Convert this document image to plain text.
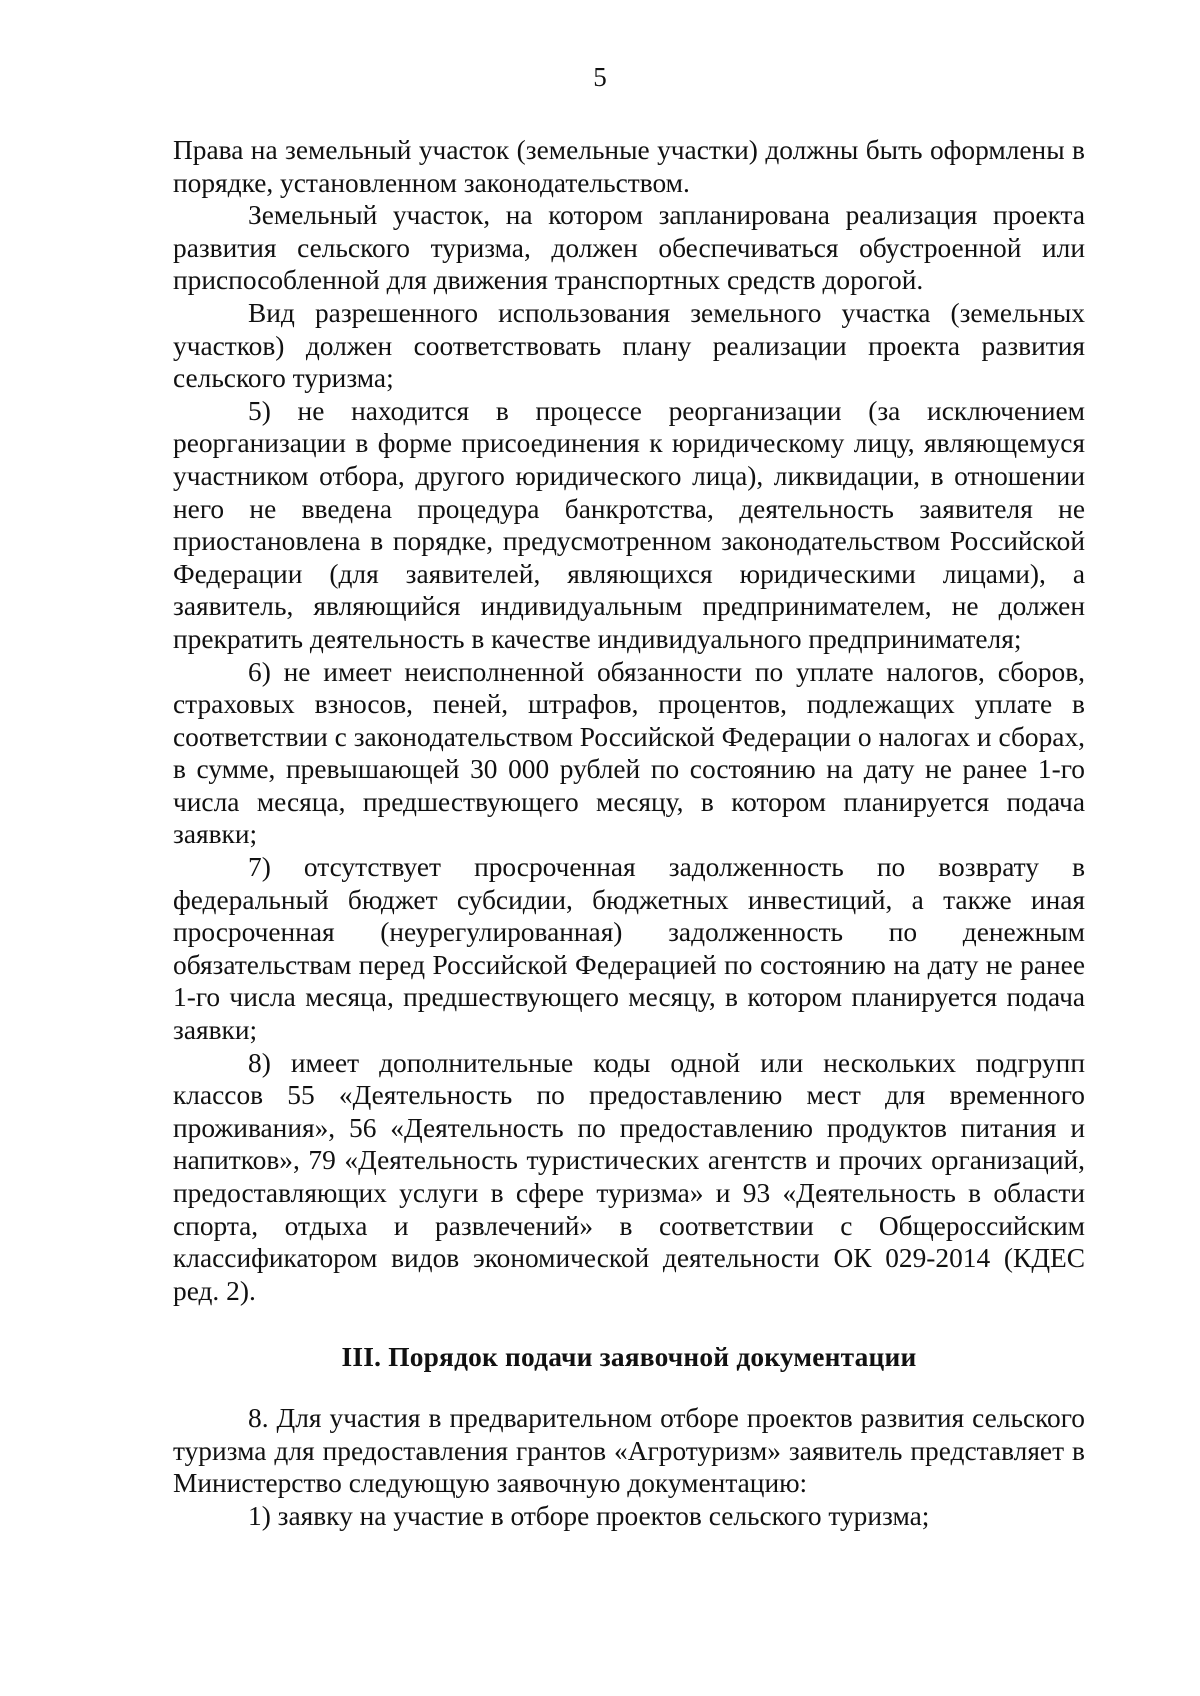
5

Права на земельный участок (земельные участки) должны быть оформлены в порядке, установленном законодательством.

Земельный участок, на котором запланирована реализация проекта развития сельского туризма, должен обеспечиваться обустроенной или приспособленной для движения транспортных средств дорогой.

Вид разрешенного использования земельного участка (земельных участков) должен соответствовать плану реализации проекта развития сельского туризма;

5) не находится в процессе реорганизации (за исключением реорганизации в форме присоединения к юридическому лицу, являющемуся участником отбора, другого юридического лица), ликвидации, в отношении него не введена процедура банкротства, деятельность заявителя не приостановлена в порядке, предусмотренном законодательством Российской Федерации (для заявителей, являющихся юридическими лицами), а заявитель, являющийся индивидуальным предпринимателем, не должен прекратить деятельность в качестве индивидуального предпринимателя;

6) не имеет неисполненной обязанности по уплате налогов, сборов, страховых взносов, пеней, штрафов, процентов, подлежащих уплате в соответствии с законодательством Российской Федерации о налогах и сборах, в сумме, превышающей 30 000 рублей по состоянию на дату не ранее 1-го числа месяца, предшествующего месяцу, в котором планируется подача заявки;

7) отсутствует просроченная задолженность по возврату в федеральный бюджет субсидии, бюджетных инвестиций, а также иная просроченная (неурегулированная) задолженность по денежным обязательствам перед Российской Федерацией по состоянию на дату не ранее 1-го числа месяца, предшествующего месяцу, в котором планируется подача заявки;

8) имеет дополнительные коды одной или нескольких подгрупп классов 55 «Деятельность по предоставлению мест для временного проживания», 56 «Деятельность по предоставлению продуктов питания и напитков», 79 «Деятельность туристических агентств и прочих организаций, предоставляющих услуги в сфере туризма» и 93 «Деятельность в области спорта, отдыха и развлечений» в соответствии с Общероссийским классификатором видов экономической деятельности ОК 029-2014 (КДЕС ред. 2).

III. Порядок подачи заявочной документации

8. Для участия в предварительном отборе проектов развития сельского туризма для предоставления грантов «Агротуризм» заявитель представляет в Министерство следующую заявочную документацию:

1) заявку на участие в отборе проектов сельского туризма;
